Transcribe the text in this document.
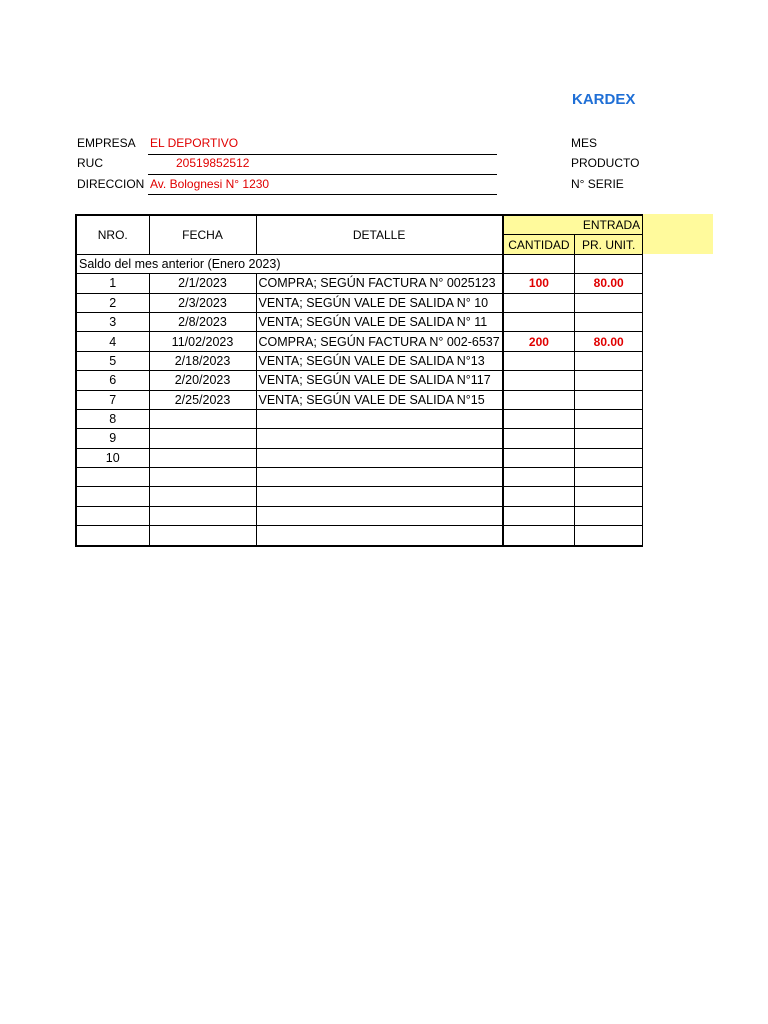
KARDEX
EMPRESA EL DEPORTIVO
RUC	20519852512
DIRECCION Av. Bolognesi N° 1230
MES
PRODUCTO
N° SERIE
NRO.	FECHA	DETALLE	ENTRADA	
			CANTIDAD	PR. UNIT.

Saldo del mes anterior (Enero 2023)				

1	2/1/2023	COMPRA; SEGÚN FACTURA N° 0025123	100	80.00
2	2/3/2023	VENTA; SEGÚN VALE DE SALIDA N° 10		
3	2/8/2023	VENTA; SEGÚN VALE DE SALIDA N° 11		
4	11/02/2023	COMPRA; SEGÚN FACTURA N° 002-6537	200	80.00
5	2/18/2023	VENTA; SEGÚN VALE DE SALIDA N°13		
6	2/20/2023	VENTA; SEGÚN VALE DE SALIDA N°117		
7	2/25/2023	VENTA; SEGÚN VALE DE SALIDA N°15		
8				
9				
10				
